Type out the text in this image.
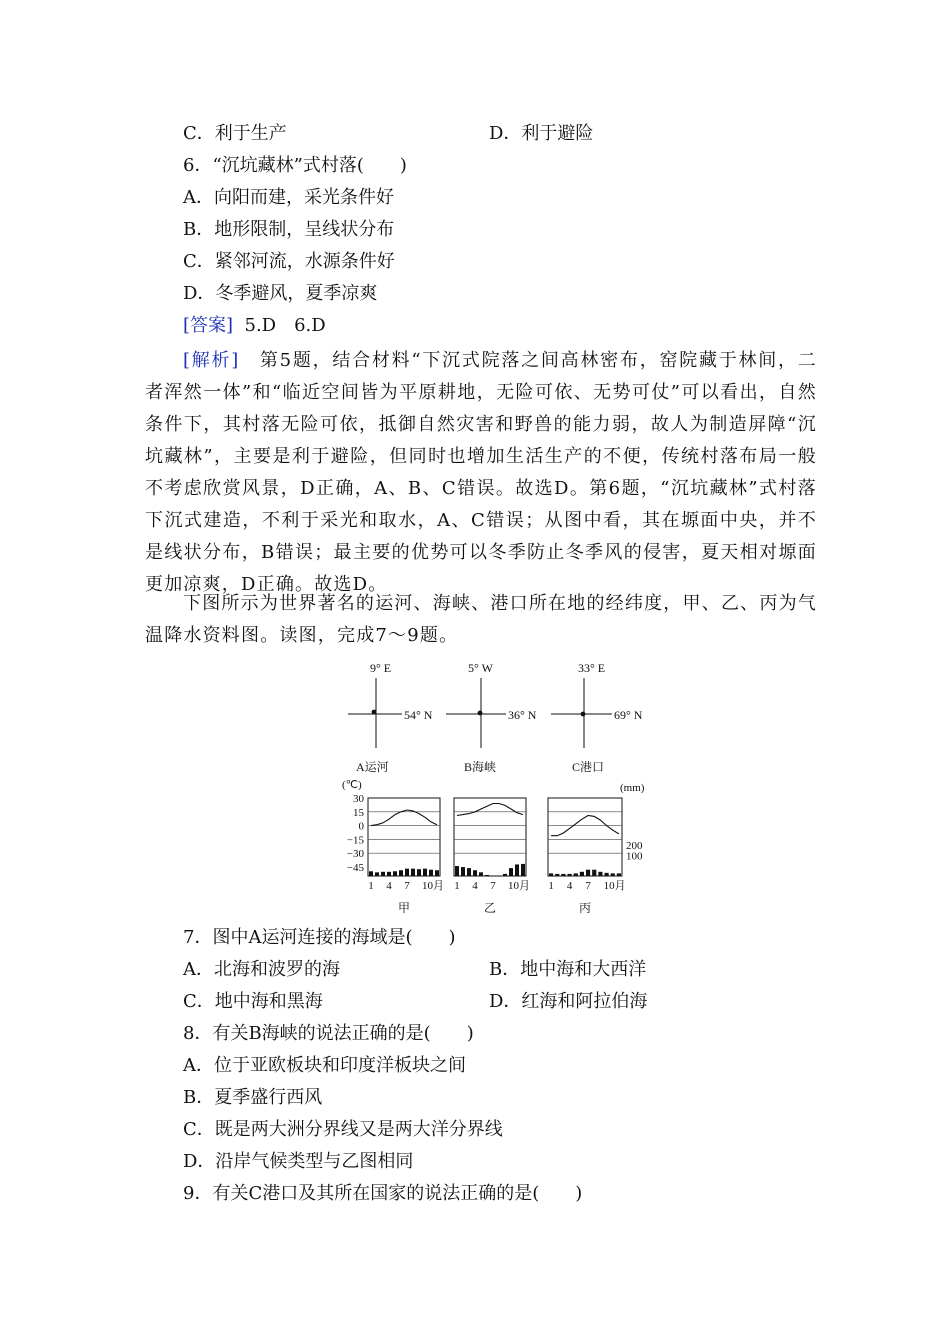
C．利于生产	D．利于避险
6．“沉坑藏林”式村落(　　)
A．向阳而建，采光条件好
B．地形限制，呈线状分布
C．紧邻河流，水源条件好
D．冬季避风，夏季凉爽
[答案] 5.D　6.D
[解析]　第5题，结合材料“下沉式院落之间高林密布，窑院藏于林间，二者浑然一体”和“临近空间皆为平原耕地，无险可依、无势可仗”可以看出，自然条件下，其村落无险可依，抵御自然灾害和野兽的能力弱，故人为制造屏障“沉坑藏林”，主要是利于避险，但同时也增加生活生产的不便，传统村落布局一般不考虑欣赏风景，D正确，A、B、C错误。故选D。第6题，“沉坑藏林”式村落下沉式建造，不利于采光和取水，A、C错误；从图中看，其在塬面中央，并不是线状分布，B错误；最主要的优势可以冬季防止冬季风的侵害，夏天相对塬面更加凉爽，D正确。故选D。
下图所示为世界著名的运河、海峡、港口所在地的经纬度，甲、乙、丙为气温降水资料图。读图，完成7～9题。
9° E
54° N
A运河
5° W
36° N
B海峡
33° E
69° N
C港口
(℃)	(mm)
30
15
0
−15
−30
−45
200
100
1 4 7 10月
甲
1 4 7 10月
乙
1 4 7 10月
丙
7．图中A运河连接的海域是(　　)
A．北海和波罗的海	B．地中海和大西洋
C．地中海和黑海	D．红海和阿拉伯海
8．有关B海峡的说法正确的是(　　)
A．位于亚欧板块和印度洋板块之间
B．夏季盛行西风
C．既是两大洲分界线又是两大洋分界线
D．沿岸气候类型与乙图相同
9．有关C港口及其所在国家的说法正确的是(　　)
